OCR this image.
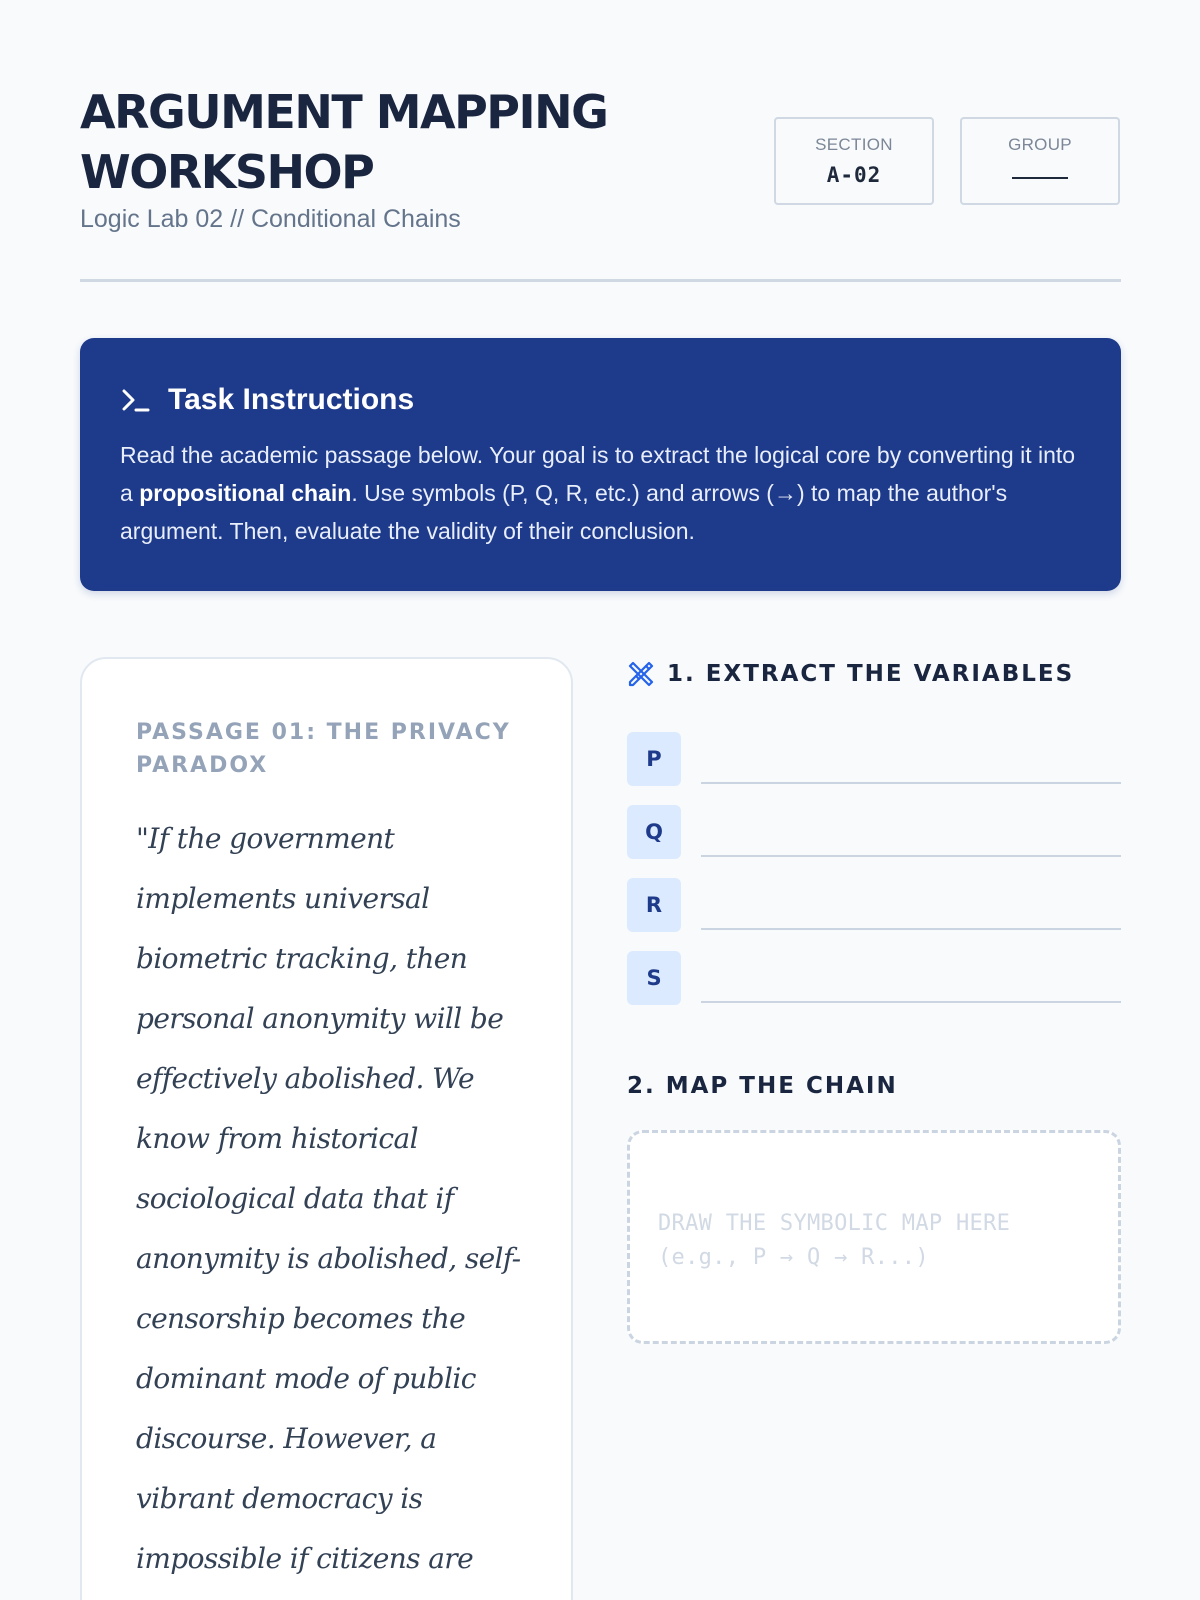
ARGUMENT MAPPING WORKSHOP
Logic Lab 02 // Conditional Chains
SECTION
A-02
GROUP
Task Instructions
Read the academic passage below. Your goal is to extract the logical core by converting it into a propositional chain. Use symbols (P, Q, R, etc.) and arrows (→) to map the author's argument. Then, evaluate the validity of their conclusion.
PASSAGE 01: THE PRIVACY PARADOX
"If the government implements universal biometric tracking, then personal anonymity will be effectively abolished. We know from historical sociological data that if anonymity is abolished, self-censorship becomes the dominant mode of public discourse. However, a vibrant democracy is impossible if citizens are
1. EXTRACT THE VARIABLES
P
Q
R
S
2. MAP THE CHAIN
DRAW THE SYMBOLIC MAP HERE
(e.g., P → Q → R...)
